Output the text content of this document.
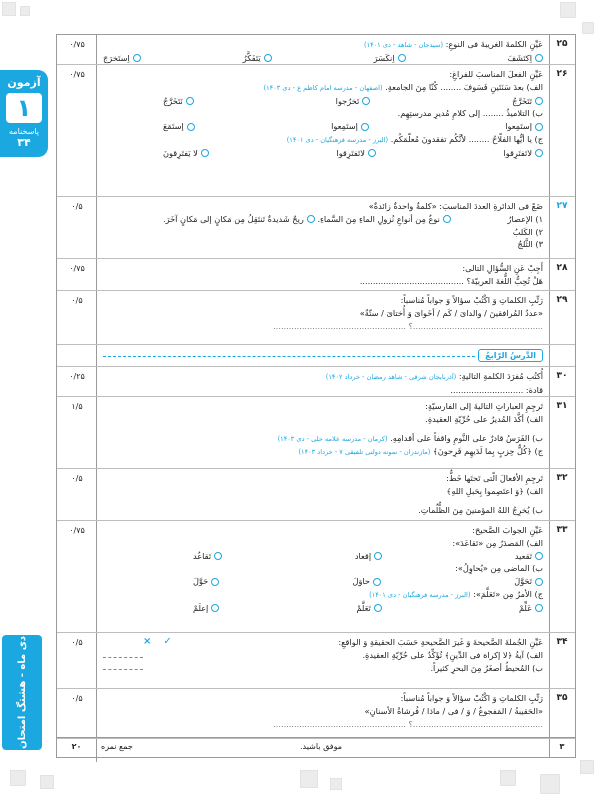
آزمون
۱
پاسخنامه
۳۴
دی ماه - هشتگ امتحان
۲۵
۰/۷۵	عَیِّنِ الکلمةَ الغریبةَ فی النوعِ: (سیدجان - شاهد - دی ۱۴۰۱)
اِکتَشَفَ
اِنکَسَرَ
يَتَفَكَّرُ
اِستَخرَجَ
۲۶
۰/۷۵	عَیِّنِ الفعلَ المناسبَ للفراغِ:
الف) بعدَ سَنَتَینِ فَسَوفَ ........ كُنّا مِنَ الجامعةِ. (اصفهان - مدرسه امام کاظم ع - دی ۱۴۰۳)
تَتَخَرَّجُ
تَخرُجوا
نَتَخَرَّجُ
ب) التلامیذُ ........ إلی کلامِ مُدیرِ مدرستِهِم.
إستَمِعوا
إستَمِعوا
إستَمَعَ
ج) یا أیُّها الفلّاحُ ........ لأنَّکُم تفقدونَ مُعلّمَکُم. (البرز - مدرسه فرهنگیان - دی ۱۴۰۱)
لاتَفتَرِقوا
لاتَفتَرِقوا
لا يَفتَرِقونَ
۲۷
۰/۵	ضَعْ فی الدائرةِ العددَ المناسبَ: «کلمةٌ واحدةٌ زائدةٌ»
۱) الإعصارُ
۲) الکَلبُ
۳) الثَّلجُ
نوعٌ مِن أنواعِ نُزولِ الماءِ مِنَ السَّماءِ.

ریحٌ شَدیدةٌ تَنتَقِلُ مِن مَکانٍ إلی مَکانٍ آخَرَ.
۲۸
۰/۷۵	أَجِبْ عَنِ السُّؤالِ التالی:
هَلْ تُحِبُّ اللُّغةَ العربیّةَ؟ ........................................
۲۹
۰/۵	رَتِّبِ الکلماتِ وَ اکْتُبْ سؤالاً وَ جواباً مُناسباً:
«عددُ المُرافقینَ / والدایَ / کَم / أخَوایَ وَ أُختایَ / ستّةٌ»
..................................................؟ ...................................................
الدَّرسُ الرّابعُ
۳۰
۰/۲۵	أُکتُب مُفرَدَ الکلمةِ التالیةِ: (آذربایجان شرقی - شاهد رمضان - خرداد ۱۴۰۲)
قادة: ............................
۳۱
۱/۵	تَرجِمِ العباراتِ التالیةَ إلی الفارسیّةِ:
الف) أکَّدَ المُدیرُ علی حُرِّیّةِ العقیدةِ.
ب) الفَرَسُ قادرٌ علی النَّومِ واقفاً علی أقدامِهِ. (کرمان - مدرسه علامه حلی - دی ۱۴۰۳)
ج) ﴿کُلُّ حِزبٍ بِما لَدَیهِم فَرِحونَ﴾ (مازندران - نمونه دولتی تلفیقی ۷ - خرداد ۱۴۰۳)
۳۲
۰/۵	تَرجِمِ الأفعالَ الّتی تَحتَها خَطٌّ:
الف) ﴿وَ اعتَصِموا بِحَبلِ اللهِ﴾
ب) يُخرِجُ اللهُ المؤمنینَ مِنَ الظُّلُماتِ.
۳۳
۰/۷۵	عَیِّنِ الجوابَ الصَّحیحَ:
الف) المَصدَرُ مِن «تَقاعَدَ»:
تَقعید
إقعاد
تَقاعُد
ب) الماضی مِن «يُحاوِلُ»:
تَحَوَّلَ
حاوَلَ
حَوَّلَ
ج) الأمرُ مِن «تَعَلَّمَ»: (البرز - مدرسه فرهنگیان - دی ۱۴۰۱)
عَلِّمْ
تَعَلَّمْ
إعلَمْ
۳۴
۰/۵	عَیِّنِ الجُملةَ الصَّحیحةَ وَ غَیرَ الصَّحیحةِ حَسَبَ الحقیقةِ وَ الواقعِ:
✓
×
الف) آیةُ ﴿لا إکراهَ فی الدِّینِ﴾ تُؤَکِّدُ علی حُرِّیّةِ العقیدةِ.
ب) المُحیطُ أصغَرُ مِنَ البحرِ کثیراً.
۳۵
۰/۵	رَتِّبِ الکلماتِ وَ اکْتُبْ سؤالاً وَ جواباً مُناسباً:
«الحَقیبةُ / المَفجوعُ / وَ / فی / ماذا / فُرشاةُ الأسنانِ»
..................................................؟ ...................................................
۳
موفق باشید.
۲۰	جمع نمره
